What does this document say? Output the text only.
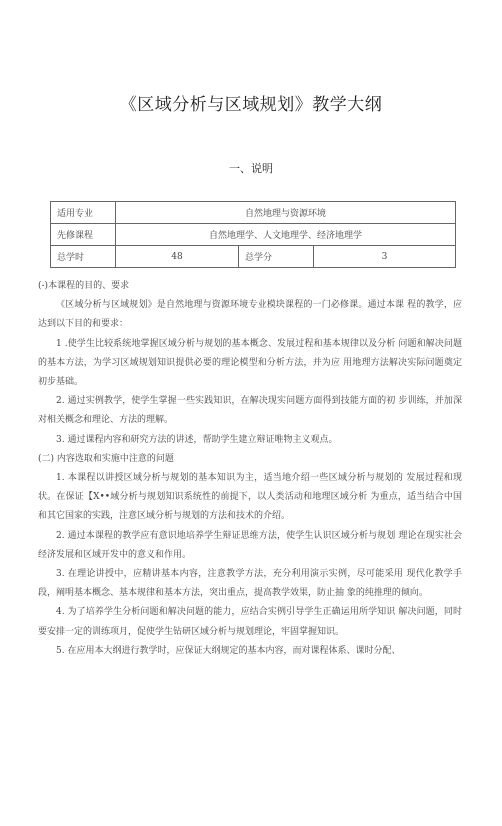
《区域分析与区域规划》教学大纲
一、说明
适用专业	自然地理与资源环境		
先修课程	自然地理学、人文地理学、经济地理学		
总学时	48	总学分	3

(-)本课程的目的、要求

《区域分析与区域规划》是自然地理与资源环境专业模块课程的一门必修课。通过本课 程的教学，应达到以下目的和要求：

1 .使学生比较系统地掌握区域分析与规划的基本概念、发展过程和基本规律以及分析 问题和解决问题的基本方法，为学习区域规划知识提供必要的理论模型和分析方法，并为应 用地理方法解决实际问题奠定初步基础。

2. 通过实例教学，使学生掌握一些实践知识，在解决现实问题方面得到技能方面的初 步训练，并加深对相关概念和理论、方法的理解。

3. 通过课程内容和研究方法的讲述，帮助学生建立辩证唯物主义观点。

(二) 内容选取和实施中注意的问题

1. 本课程以讲授区域分析与规划的基本知识为主，适当地介绍一些区域分析与规划的 发展过程和现状。在保证【X••域分析与规划知识系统性的前提下，以人类活动和地理区域分析 为重点，适当结合中国和其它国家的实践，注意区域分析与规划的方法和技术的介绍。

2. 通过本课程的教学应有意识地培养学生辩证思维方法，使学生认识区域分析与规划 理论在现实社会经济发展和区域开发中的意义和作用。

3. 在理论讲授中，应精讲基本内容，注意教学方法，充分利用演示实例，尽可能采用 现代化教学手段，阐明基本概念、基本规律和基本方法，突出重点，提高教学效果，防止抽 象的纯推理的倾向。

4. 为了培养学生分析问题和解决问题的能力，应结合实例引导学生正确运用所学知识 解决问题，同时要安排一定的训练项月，促使学生钻研区域分析与规划理论，牢固掌握知识。

5. 在应用本大纲进行教学时，应保证大纲规定的基本内容，而对课程体系、课时分配、
